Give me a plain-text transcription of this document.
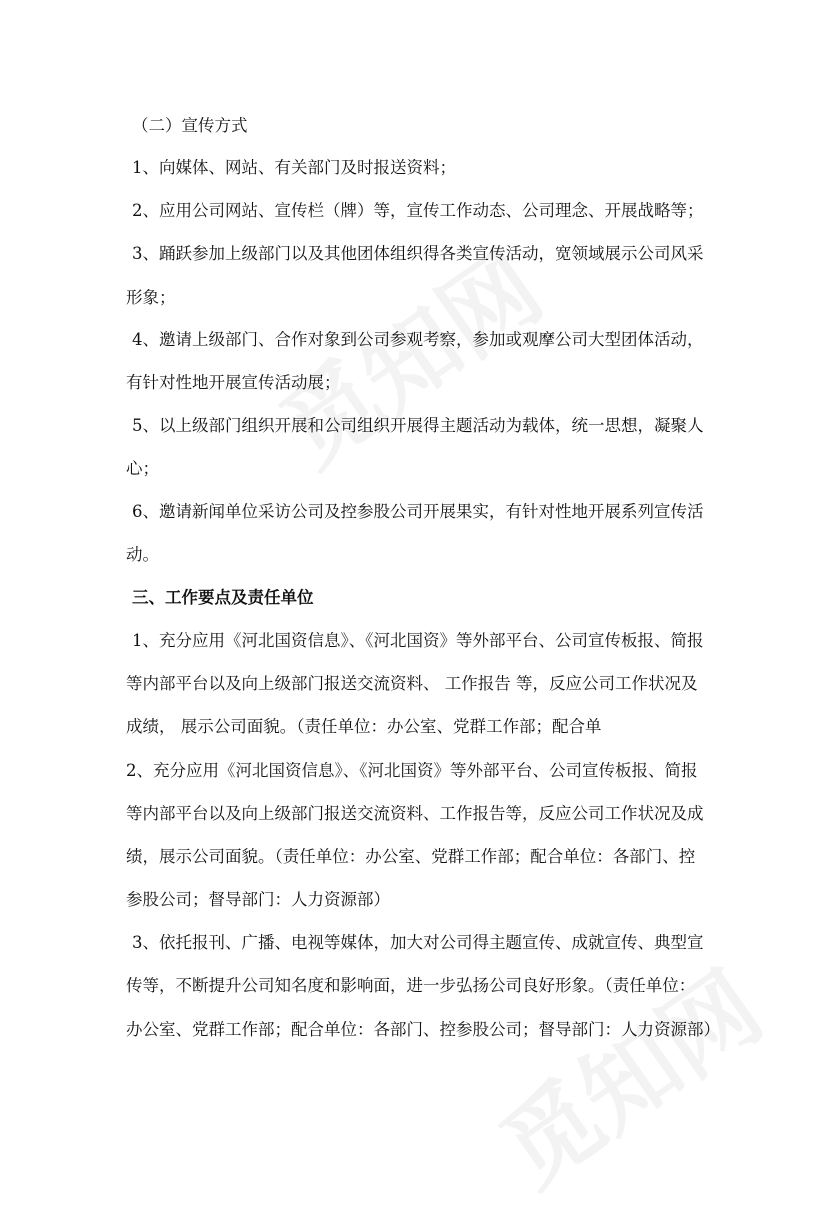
（二）宣传方式
1、向媒体、网站、有关部门及时报送资料；
2、应用公司网站、宣传栏（牌）等，宣传工作动态、公司理念、开展战略等；
3、踊跃参加上级部门以及其他团体组织得各类宣传活动，宽领域展示公司风采
形象；
4、邀请上级部门、合作对象到公司参观考察，参加或观摩公司大型团体活动，
有针对性地开展宣传活动展；
5、以上级部门组织开展和公司组织开展得主题活动为载体，统一思想，凝聚人
心；
6、邀请新闻单位采访公司及控参股公司开展果实，有针对性地开展系列宣传活
动。
三、工作要点及责任单位
1、充分应用《河北国资信息》、《河北国资》等外部平台、公司宣传板报、简报
等内部平台以及向上级部门报送交流资料、 工作报告 等，反应公司工作状况及
成绩， 展示公司面貌。（责任单位：办公室、党群工作部；配合单
2、充分应用《河北国资信息》、《河北国资》等外部平台、公司宣传板报、简报
等内部平台以及向上级部门报送交流资料、工作报告等，反应公司工作状况及成
绩，展示公司面貌。（责任单位：办公室、党群工作部；配合单位：各部门、控
参股公司；督导部门：人力资源部）
3、依托报刊、广播、电视等媒体，加大对公司得主题宣传、成就宣传、典型宣
传等，不断提升公司知名度和影响面，进一步弘扬公司良好形象。（责任单位：
办公室、党群工作部；配合单位：各部门、控参股公司；督导部门：人力资源部）
